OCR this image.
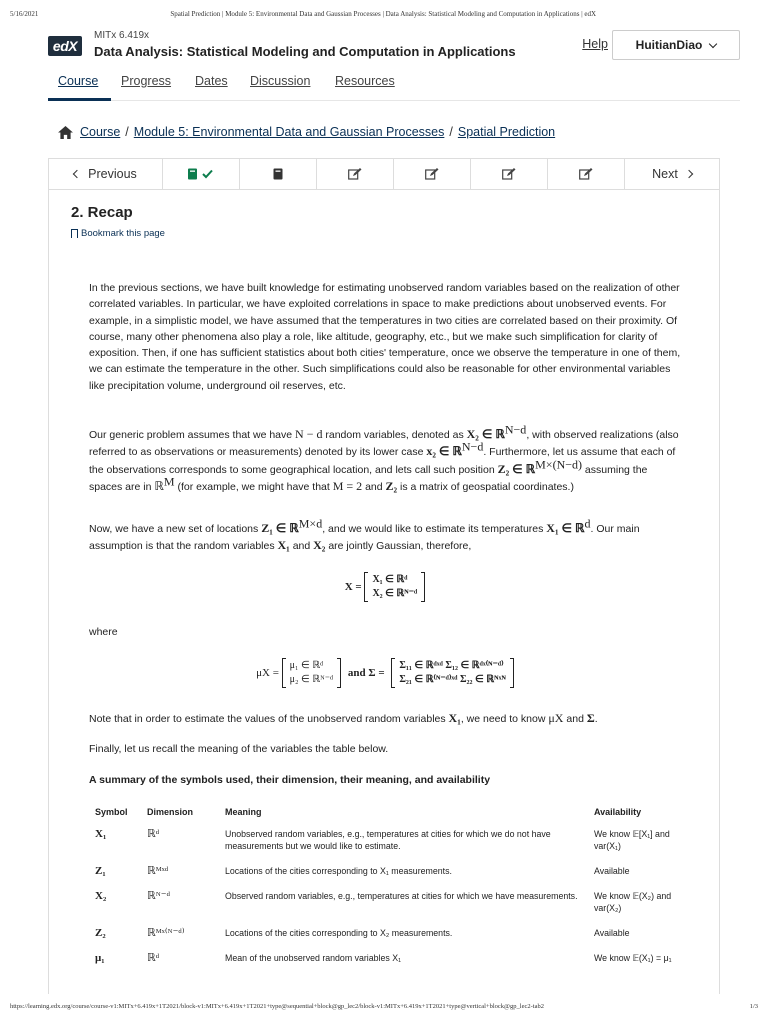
5/16/2021	Spatial Prediction | Module 5: Environmental Data and Gaussian Processes | Data Analysis: Statistical Modeling and Computation in Applications | edX
edX
MITx 6.419x
Data Analysis: Statistical Modeling and Computation in Applications	Help HuitianDiao
Course Progress Dates Discussion Resources
Course / Module 5: Environmental Data and Gaussian Processes / Spatial Prediction
Previous	Next
2. Recap
Bookmark this page

In the previous sections, we have built knowledge for estimating unobserved random variables based on the realization of other correlated variables. In particular, we have exploited correlations in space to make predictions about unobserved events. For example, in a simplistic model, we have assumed that the temperatures in two cities are correlated based on their proximity. Of course, many other phenomena also play a role, like altitude, geography, etc., but we make such simplification for clarity of exposition. Then, if one has sufficient statistics about both cities' temperature, once we observe the temperature in one of them, we can estimate the temperature in the other. Such simplifications could also be reasonable for other environmental variables like precipitation volume, underground oil reserves, etc.

Our generic problem assumes that we have N − d random variables, denoted as X₂ ∈ ℝ$^{N-d}$, with observed realizations (also referred to as observations or measurements) denoted by its lower case x₂ ∈ ℝ$^{N-d}$. Furthermore, let us assume that each of the observations corresponds to some geographical location, and lets call such position Z₂ ∈ ℝ$^{M\times(N-d)}$ assuming the spaces are in ℝ$^M$ (for example, we might have that M = 2 and Z₂ is a matrix of geospatial coordinates.)

Now, we have a new set of locations Z₁ ∈ ℝ$^{M\times d}$, and we would like to estimate its temperatures X₁ ∈ ℝ$^d$. Our main assumption is that the random variables X₁ and X₂ are jointly Gaussian, therefore,

X =
X₁ ∈ ℝᵈ
X₂ ∈ ℝᴺ⁻ᵈ

where

μX =
μ₁ ∈ ℝᵈ
μ₂ ∈ ℝᴺ⁻ᵈ
and Σ =
Σ₁₁ ∈ ℝᵈˣᵈ Σ₁₂ ∈ ℝᵈˣ⁽ᴺ⁻ᵈ⁾
Σ₂₁ ∈ ℝ⁽ᴺ⁻ᵈ⁾ˣᵈ Σ₂₂ ∈ ℝᴺˣᴺ

Note that in order to estimate the values of the unobserved random variables X₁, we need to know μX and Σ.

Finally, let us recall the meaning of the variables the table below.

A summary of the symbols used, their dimension, their meaning, and availability

Symbol	Dimension	Meaning	Availability
X₁	ℝᵈ	Unobserved random variables, e.g., temperatures at cities for which we do not have measurements but we would like to estimate.	We know 𝔼[X₁] and var(X₁)
Z₁	ℝᴹˣᵈ	Locations of the cities corresponding to X₁ measurements.	Available
X₂	ℝᴺ⁻ᵈ	Observed random variables, e.g., temperatures at cities for which we have measurements.	We know 𝔼(X₂) and var(X₂)
Z₂	ℝᴹˣ⁽ᴺ⁻ᵈ⁾	Locations of the cities corresponding to X₂ measurements.	Available
μ₁	ℝᵈ	Mean of the unobserved random variables X₁	We know 𝔼(X₁) = μ₁
https://learning.edx.org/course/course-v1:MITx+6.419x+1T2021/block-v1:MITx+6.419x+1T2021+type@sequential+block@gp_lec2/block-v1:MITx+6.419x+1T2021+type@vertical+block@gp_lec2-tab2	1/3
